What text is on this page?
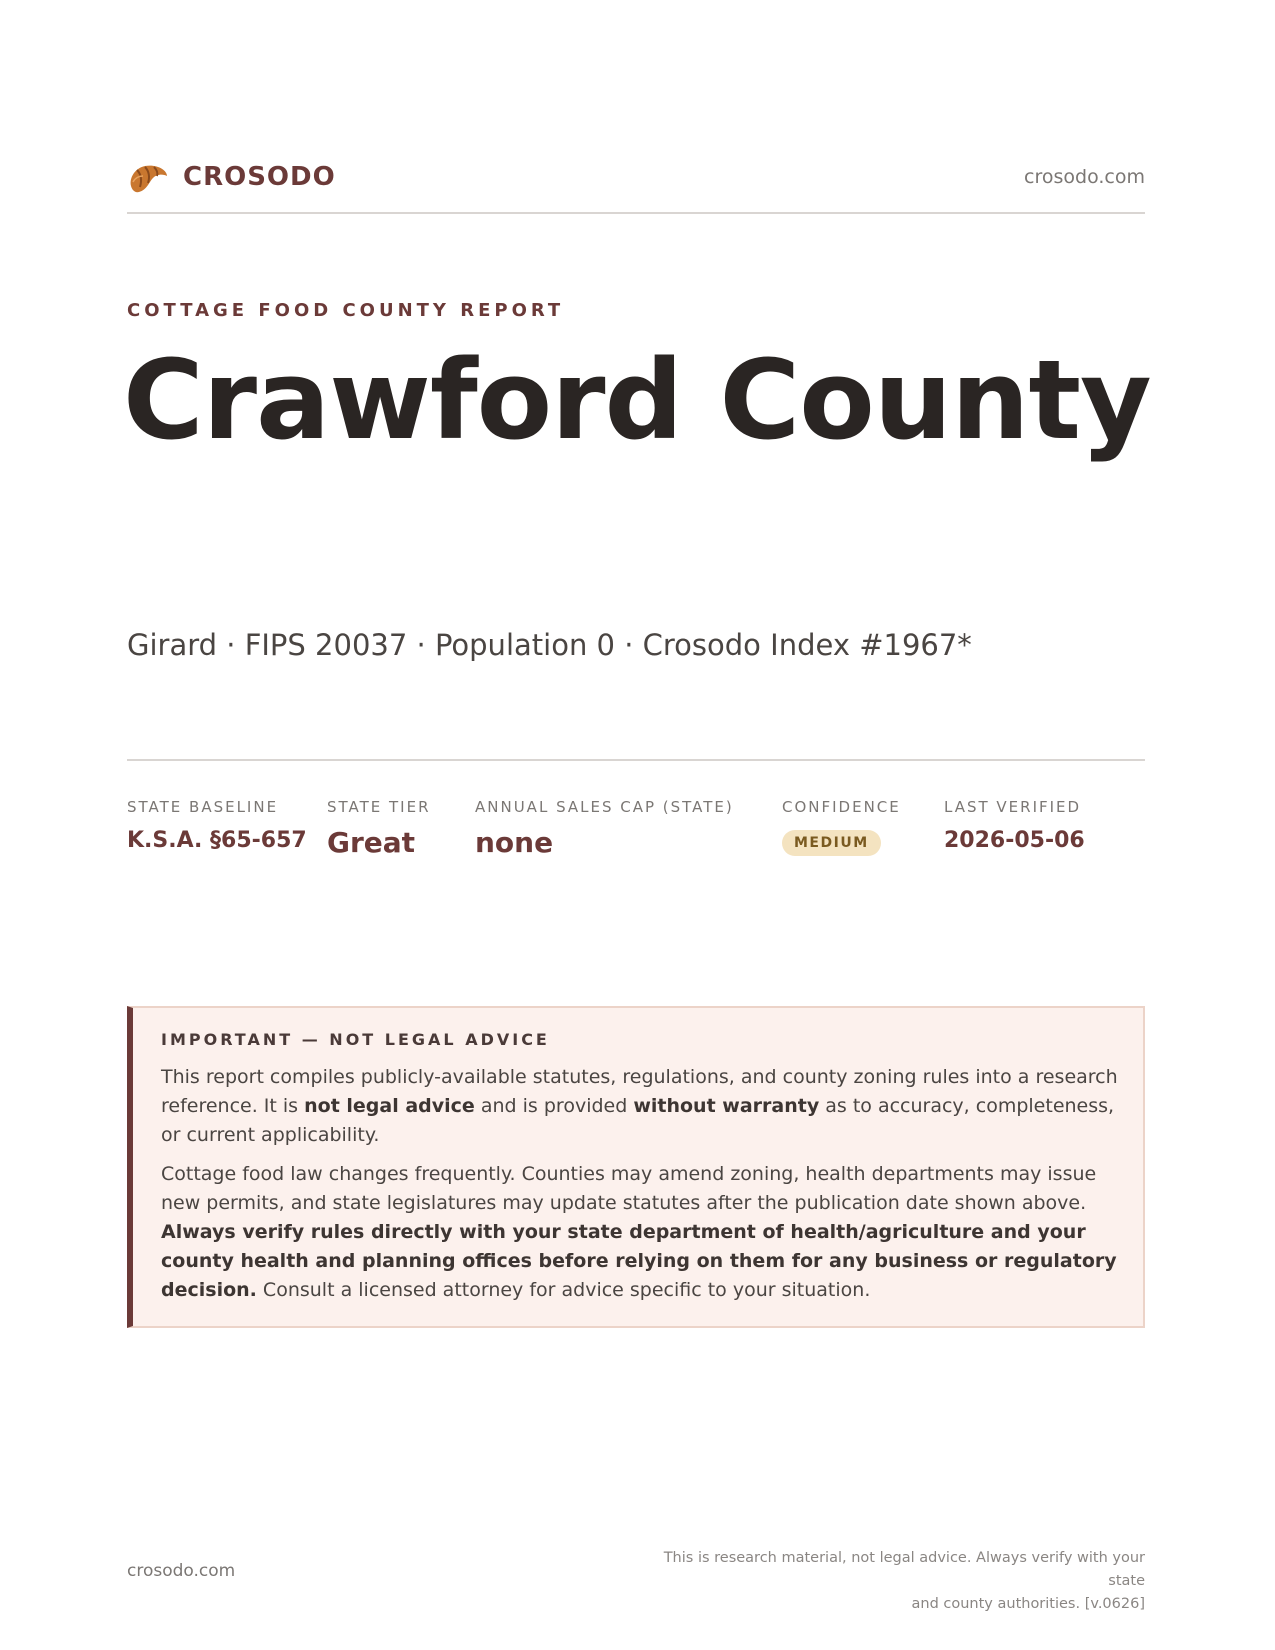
CROSODO	crosodo.com
COTTAGE FOOD COUNTY REPORT
Crawford County
Girard · FIPS 20037 · Population 0 · Crosodo Index #1967*
STATE BASELINE
K.S.A. §65-657
STATE TIER
Great
ANNUAL SALES CAP (STATE)
none
CONFIDENCE
MEDIUM
LAST VERIFIED
2026-05-06
IMPORTANT — NOT LEGAL ADVICE

This report compiles publicly-available statutes, regulations, and county zoning rules into a research reference. It is not legal advice and is provided without warranty as to accuracy, completeness, or current applicability.

Cottage food law changes frequently. Counties may amend zoning, health departments may issue new permits, and state legislatures may update statutes after the publication date shown above. Always verify rules directly with your state department of health/agriculture and your county health and planning offices before relying on them for any business or regulatory decision. Consult a licensed attorney for advice specific to your situation.

crosodo.com
This is research material, not legal advice. Always verify with your state
and county authorities. [v.0626]
